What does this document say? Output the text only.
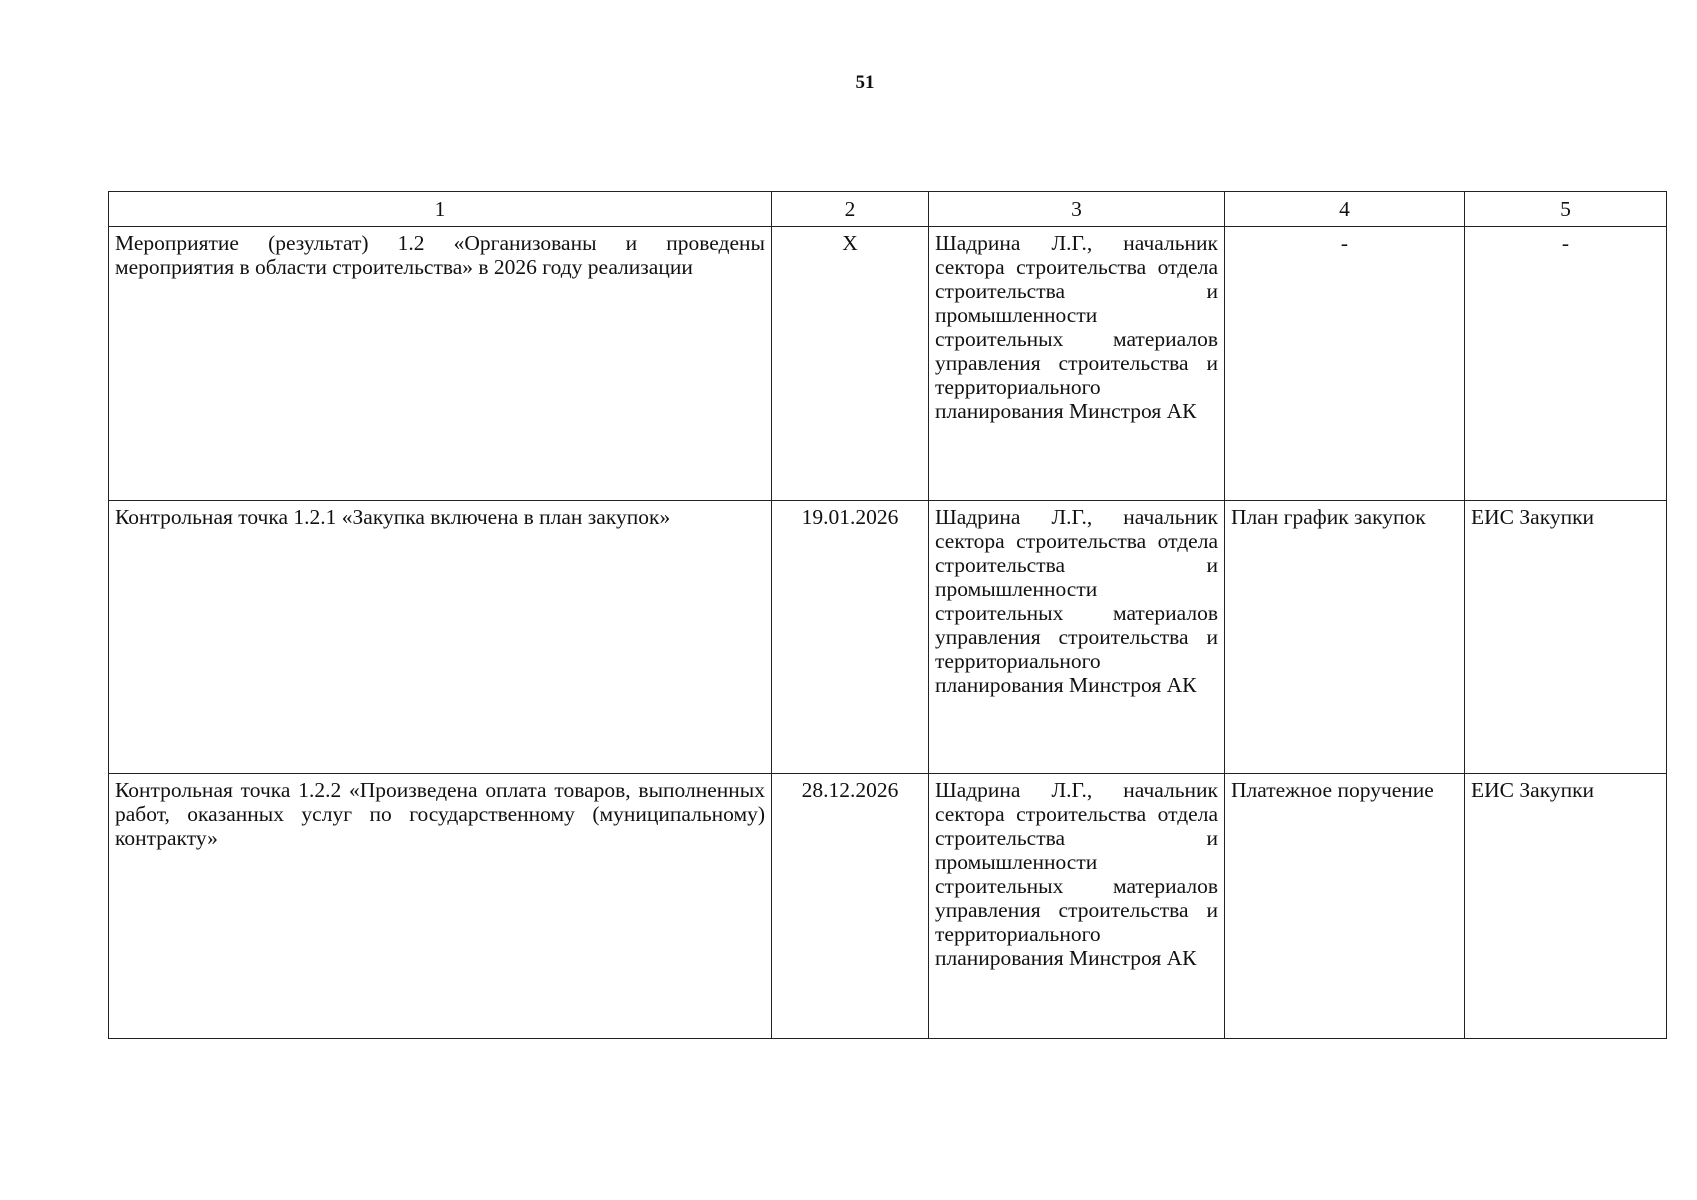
51
1	2	3	4	5
Мероприятие (результат) 1.2 «Организованы и проведены мероприятия в области строительства» в 2026 году реализации	X	Шадрина Л.Г., начальник сектора строительства отдела строительства и промышленности строительных материалов управления строительства и территориального планирования Минстроя АК	-	-
Контрольная точка 1.2.1 «Закупка включена в план закупок»	19.01.2026	Шадрина Л.Г., начальник сектора строительства отдела строительства и промышленности строительных материалов управления строительства и территориального планирования Минстроя АК	План график закупок	ЕИС Закупки
Контрольная точка 1.2.2 «Произведена оплата товаров, выполненных работ, оказанных услуг по государственному (муниципальному) контракту»	28.12.2026	Шадрина Л.Г., начальник сектора строительства отдела строительства и промышленности строительных материалов управления строительства и территориального планирования Минстроя АК	Платежное поручение	ЕИС Закупки
